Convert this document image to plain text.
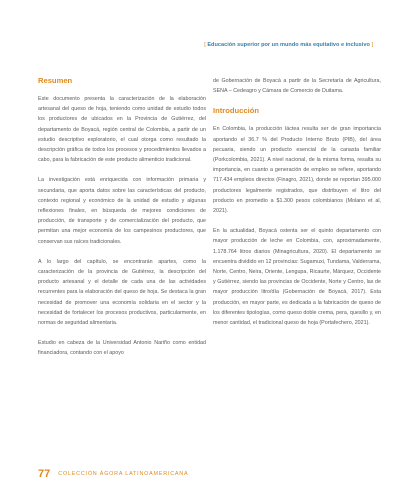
[ Educación superior por un mundo más equitativo e inclusivo ]
Resumen

Este documento presenta la caracterización de la elaboración artesanal del queso de hoja, teniendo como unidad de estudio todos los productores de ubicados en la Provincia de Gutiérrez, del departamento de Boyacá, región central de Colombia, a partir de un estudio descriptivo exploratorio, el cual otorga como resultado la descripción gráfica de todos los procesos y procedimientos llevados a cabo, para la fabricación de este producto alimenticio tradicional.

La investigación está enriquecida con información primaria y secundaria, que aporta datos sobre las características del producto, contexto regional y económico de la unidad de estudio y algunas reflexiones finales, en búsqueda de mejores condiciones de producción, de transporte y de comercialización del producto, que permitan una mejor economía de los campesinos productores, que conservan sus raíces tradicionales.

A lo largo del capítulo, se encontrarán apartes, como la caracterización de la provincia de Gutiérrez, la descripción del producto artesanal y el detalle de cada una de las actividades recurrentes para la elaboración del queso de hoja. Se destaca la gran necesidad de promover una economía solidaria en el sector y la necesidad de fortalecer los procesos productivos, particularmente, en normas de seguridad alimentaria.

Estudio en cabeza de la Universidad Antonio Nariño como entidad financiadora, contando con el apoyo

de Gobernación de Boyacá a partir de la Secretaría de Agricultura, SENA – Cedeagro y Cámara de Comercio de Duitama.

Introducción

En Colombia, la producción láctea resulta ser de gran importancia aportando el 36.7 % del Producto Interno Bruto (PIB), del área pecuaria, siendo un producto esencial de la canasta familiar (Porkcolombia, 2021). A nivel nacional, de la misma forma, resalta su importancia, en cuanto a generación de empleo se refiere, aportando 717.434 empleos directos (Finagro, 2021), donde se reportan 395.000 productores legalmente registrados, que distribuyen el litro del producto en promedio a $1.300 pesos colombianos (Molano et al, 2021).

En la actualidad, Boyacá ostenta ser el quinto departamento con mayor producción de leche en Colombia, con, aproximadamente, 1.178.764 litros diarios (Minagricultura, 2020). El departamento se encuentra dividido en 12 provincias: Sugamuxi, Tundama, Valderrama, Norte, Centro, Neira, Oriente, Lengupa, Ricaurte, Márquez, Occidente y Gutiérrez, siendo las provincias de Occidente, Norte y Centro, las de mayor producción litro/día (Gobernación de Boyacá, 2017). Esta producción, en mayor parte, es dedicada a la fabricación de queso de los diferentes tipologías, como queso doble crema, pera, quesillo y, en menor cantidad, el tradicional queso de hoja (Portafechero, 2021).

77 COLECCIÓN ÁGORA LATINOAMERICANA
